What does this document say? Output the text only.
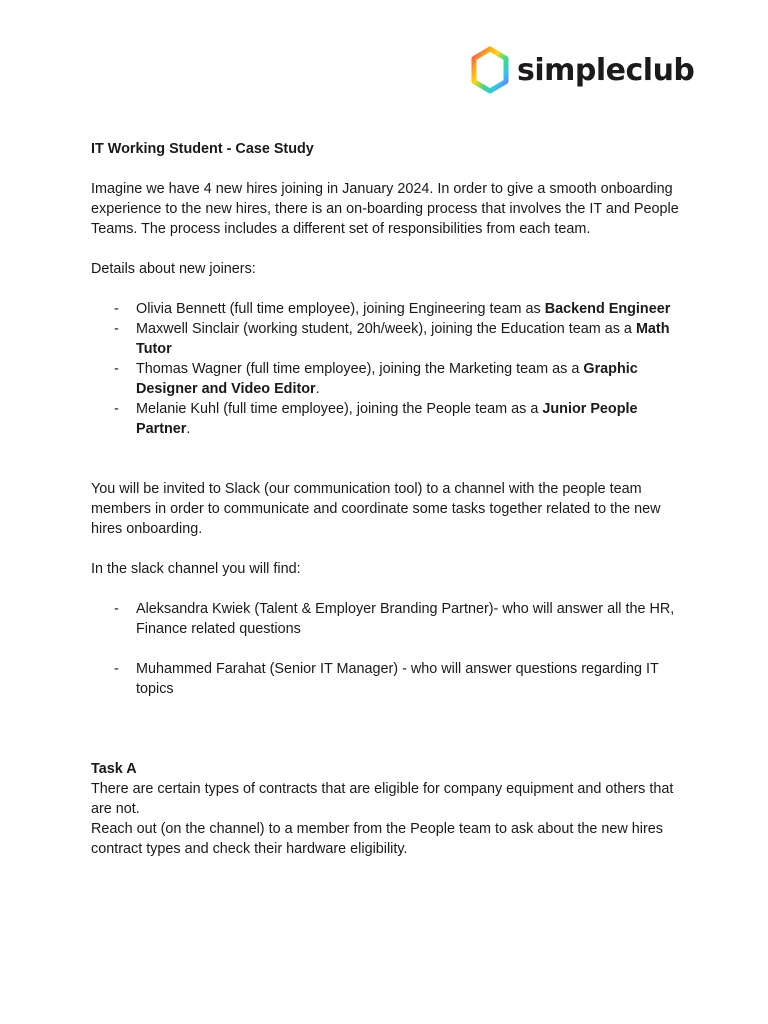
simpleclub

IT Working Student - Case Study

Imagine we have 4 new hires joining in January 2024. In order to give a smooth onboarding experience to the new hires, there is an on-boarding process that involves the IT and People Teams. The process includes a different set of responsibilities from each team.

Details about new joiners:

- Olivia Bennett (full time employee), joining Engineering team as Backend Engineer
- Maxwell Sinclair (working student, 20h/week), joining the Education team as a Math Tutor
- Thomas Wagner (full time employee), joining the Marketing team as a Graphic Designer and Video Editor.
- Melanie Kuhl (full time employee), joining the People team as a Junior People Partner.

You will be invited to Slack (our communication tool) to a channel with the people team members in order to communicate and coordinate some tasks together related to the new hires onboarding.

In the slack channel you will find:

- Aleksandra Kwiek (Talent & Employer Branding Partner)- who will answer all the HR, Finance related questions
- Muhammed Farahat (Senior IT Manager) - who will answer questions regarding IT topics

Task A

There are certain types of contracts that are eligible for company equipment and others that are not.

Reach out (on the channel) to a member from the People team to ask about the new hires contract types and check their hardware eligibility.
